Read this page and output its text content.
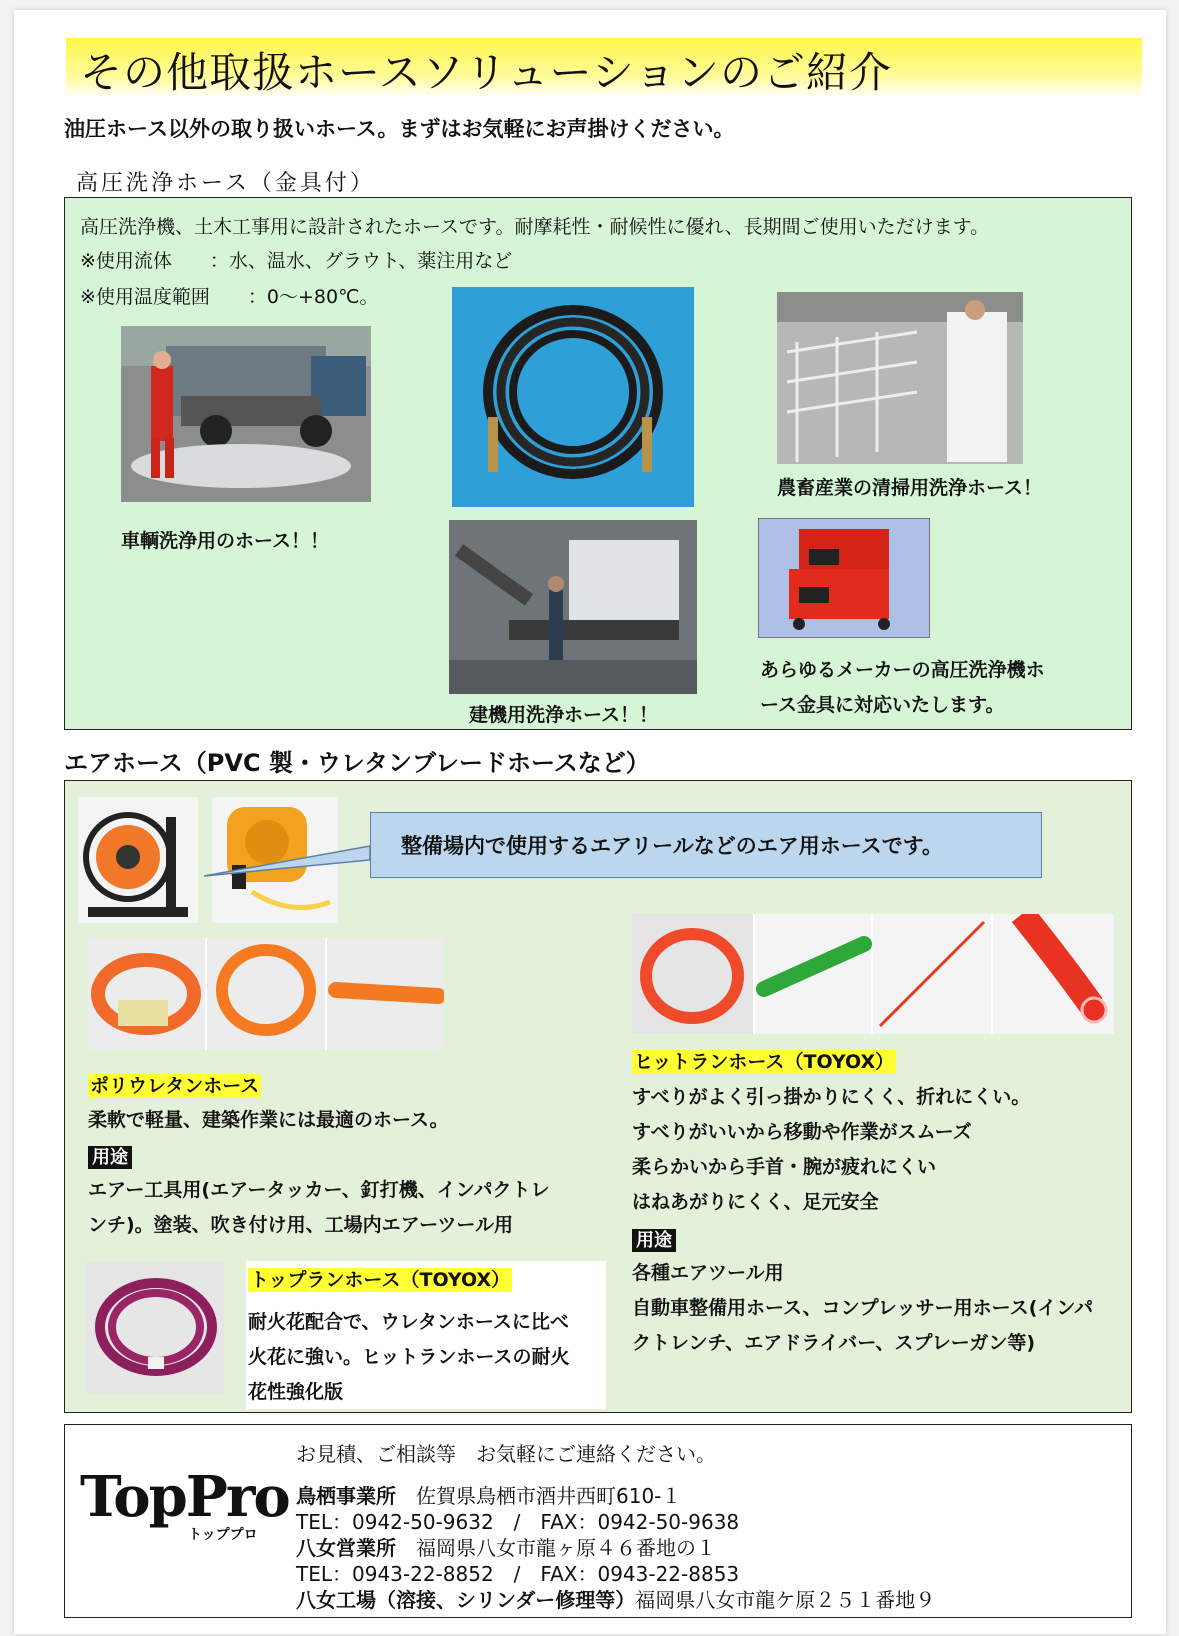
その他取扱ホースソリューションのご紹介
油圧ホース以外の取り扱いホース。まずはお気軽にお声掛けください。
高圧洗浄ホース（金具付）
高圧洗浄機、土木工事用に設計されたホースです。耐摩耗性・耐候性に優れ、長期間ご使用いただけます。
※使用流体　　：水、温水、グラウト、薬注用など
※使用温度範囲　　：0～+80℃。
車輌洗浄用のホース！！
農畜産業の清掃用洗浄ホース！
建機用洗浄ホース！！
あらゆるメーカーの高圧洗浄機ホ
ース金具に対応いたします。
エアホース（PVC 製・ウレタンブレードホースなど）
整備場内で使用するエアリールなどのエア用ホースです。
ポリウレタンホース
柔軟で軽量、建築作業には最適のホース。
用途
エアー工具用(エアータッカー、釘打機、インパクトレ
ンチ)。塗装、吹き付け用、工場内エアーツール用
トップランホース（TOYOX）
耐火花配合で、ウレタンホースに比べ
火花に強い。ヒットランホースの耐火
花性強化版
ヒットランホース（TOYOX）
すべりがよく引っ掛かりにくく、折れにくい。
すべりがいいから移動や作業がスムーズ
柔らかいから手首・腕が疲れにくい
はねあがりにくく、足元安全
用途
各種エアツール用
自動車整備用ホース、コンプレッサー用ホース(インパ
クトレンチ、エアドライバー、スプレーガン等)
TopPro
トッププロ
お見積、ご相談等　お気軽にご連絡ください。
鳥栖事業所　 佐賀県鳥栖市酒井西町610-１
TEL：0942-50-9632　/　FAX：0942-50-9638
八女営業所　 福岡県八女市龍ヶ原４６番地の１
TEL：0943-22-8852　/　FAX：0943-22-8853
八女工場（溶接、シリンダー修理等）福岡県八女市龍ケ原２５１番地９
